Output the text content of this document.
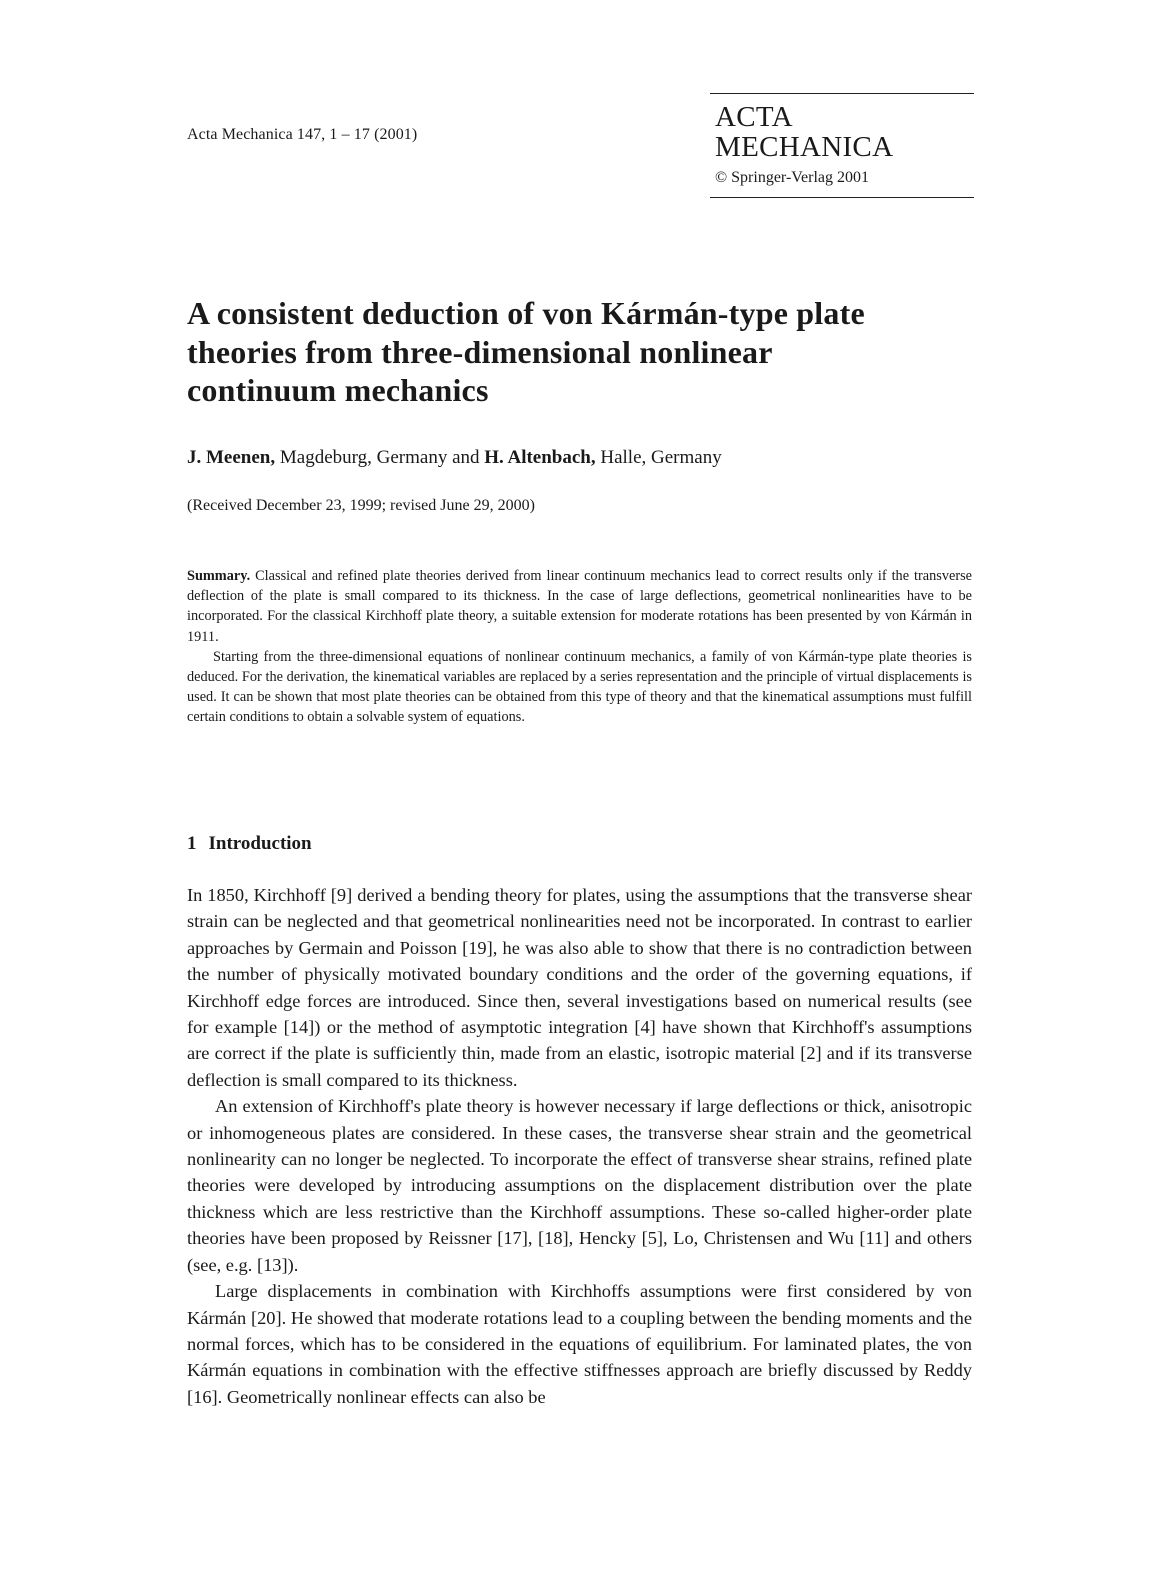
Acta Mechanica 147, 1 – 17 (2001)
ACTA MECHANICA
© Springer-Verlag 2001
A consistent deduction of von Kármán-type plate
theories from three-dimensional nonlinear
continuum mechanics
J. Meenen, Magdeburg, Germany and H. Altenbach, Halle, Germany
(Received December 23, 1999; revised June 29, 2000)

Summary. Classical and refined plate theories derived from linear continuum mechanics lead to correct results only if the transverse deflection of the plate is small compared to its thickness. In the case of large deflections, geometrical nonlinearities have to be incorporated. For the classical Kirchhoff plate theory, a suitable extension for moderate rotations has been presented by von Kármán in 1911.

Starting from the three-dimensional equations of nonlinear continuum mechanics, a family of von Kármán-type plate theories is deduced. For the derivation, the kinematical variables are replaced by a series representation and the principle of virtual displacements is used. It can be shown that most plate theories can be obtained from this type of theory and that the kinematical assumptions must fulfill certain conditions to obtain a solvable system of equations.

1 Introduction

In 1850, Kirchhoff [9] derived a bending theory for plates, using the assumptions that the transverse shear strain can be neglected and that geometrical nonlinearities need not be incorporated. In contrast to earlier approaches by Germain and Poisson [19], he was also able to show that there is no contradiction between the number of physically motivated boundary conditions and the order of the governing equations, if Kirchhoff edge forces are introduced. Since then, several investigations based on numerical results (see for example [14]) or the method of asymptotic integration [4] have shown that Kirchhoff's assumptions are correct if the plate is sufficiently thin, made from an elastic, isotropic material [2] and if its transverse deflection is small compared to its thickness.

An extension of Kirchhoff's plate theory is however necessary if large deflections or thick, anisotropic or inhomogeneous plates are considered. In these cases, the transverse shear strain and the geometrical nonlinearity can no longer be neglected. To incorporate the effect of transverse shear strains, refined plate theories were developed by introducing assumptions on the displacement distribution over the plate thickness which are less restrictive than the Kirchhoff assumptions. These so-called higher-order plate theories have been proposed by Reissner [17], [18], Hencky [5], Lo, Christensen and Wu [11] and others (see, e.g. [13]).

Large displacements in combination with Kirchhoffs assumptions were first considered by von Kármán [20]. He showed that moderate rotations lead to a coupling between the bending moments and the normal forces, which has to be considered in the equations of equilibrium. For laminated plates, the von Kármán equations in combination with the effective stiffnesses approach are briefly discussed by Reddy [16]. Geometrically nonlinear effects can also be
